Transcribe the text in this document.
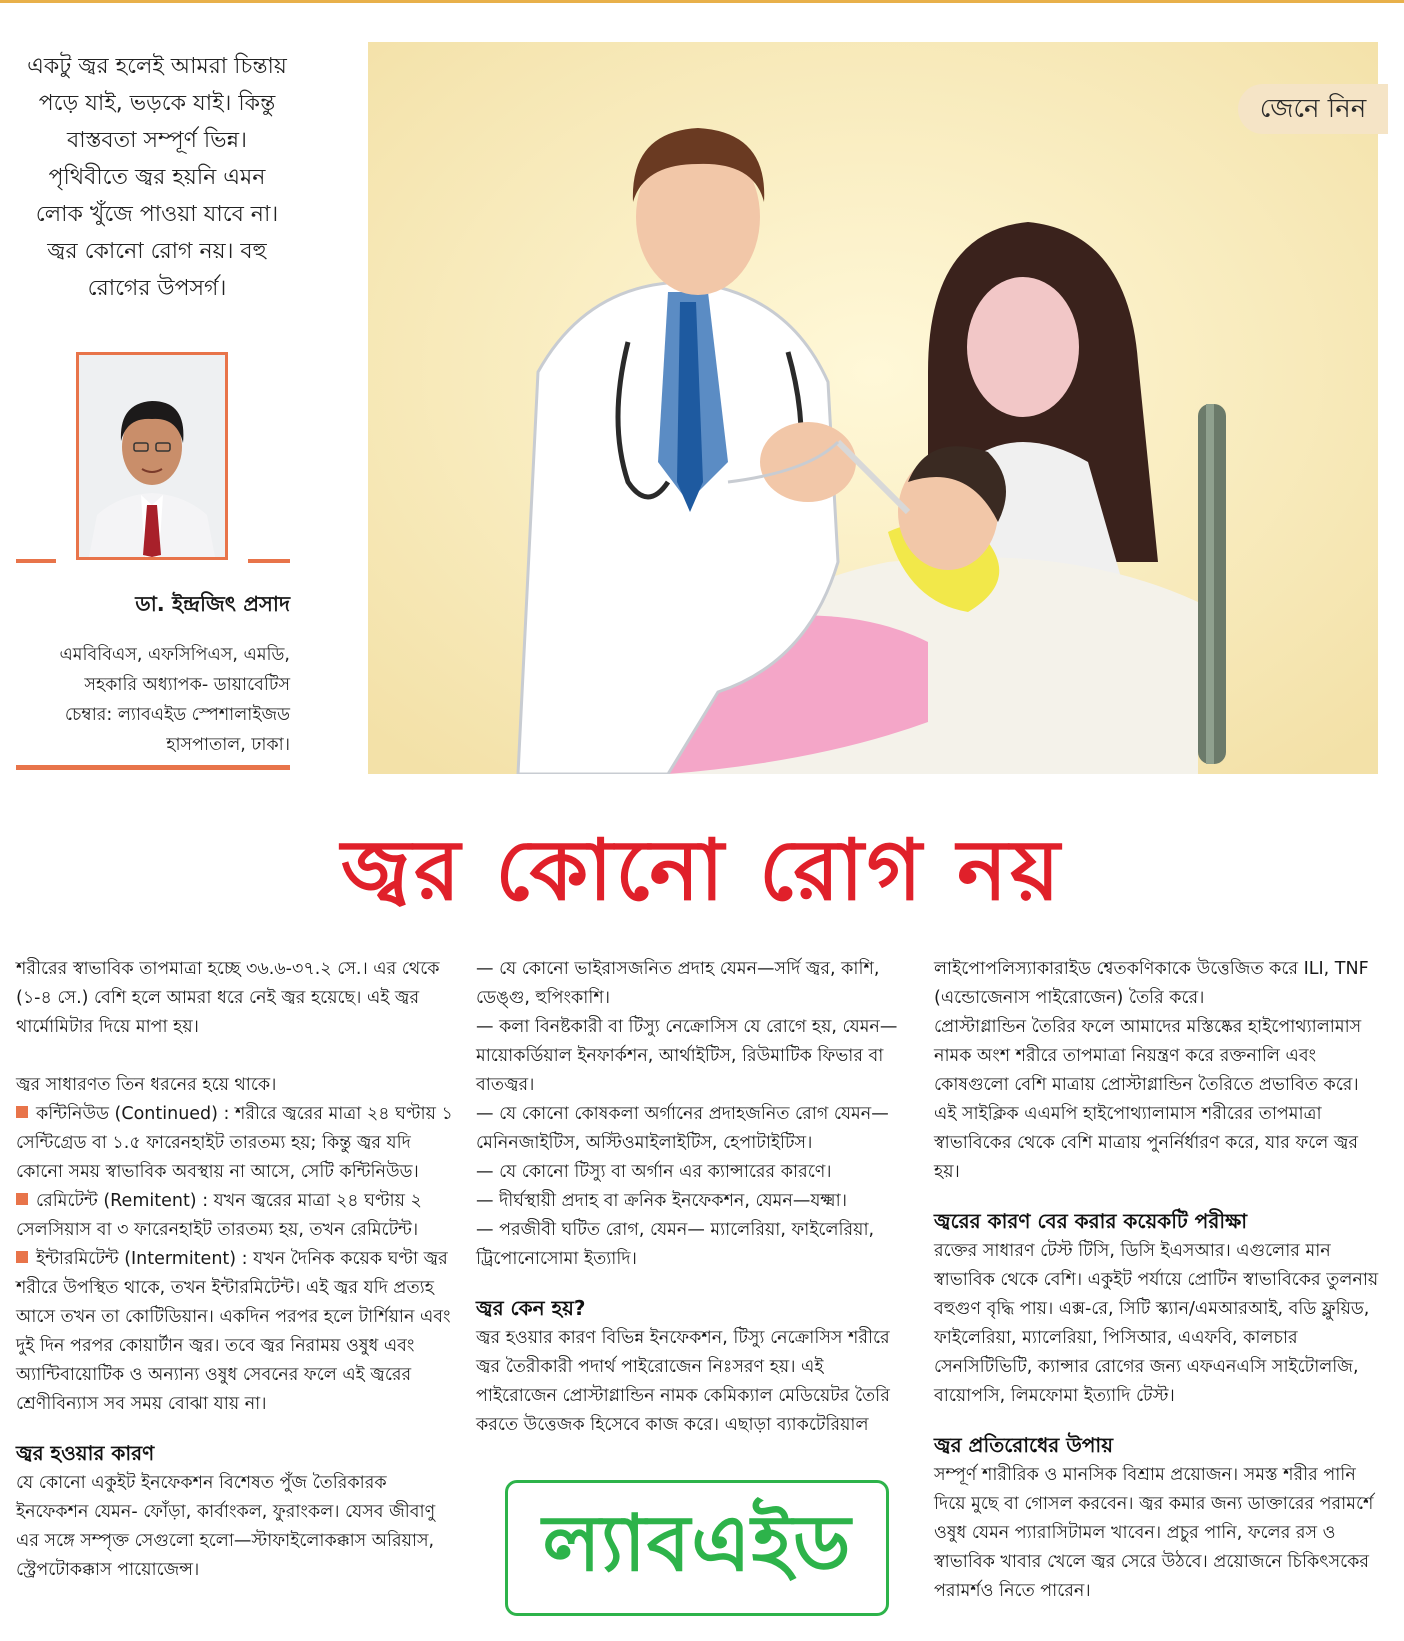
একটু জ্বর হলেই আমরা চিন্তায়
পড়ে যাই, ভড়কে যাই। কিন্তু
বাস্তবতা সম্পূর্ণ ভিন্ন।
পৃথিবীতে জ্বর হয়নি এমন
লোক খুঁজে পাওয়া যাবে না।
জ্বর কোনো রোগ নয়। বহু
রোগের উপসর্গ।
ডা. ইন্দ্রজিৎ প্রসাদ
এমবিবিএস, এফসিপিএস, এমডি,
সহকারি অধ্যাপক- ডায়াবেটিস
চেম্বার: ল্যাবএইড স্পেশালাইজড
হাসপাতাল, ঢাকা।
জেনে নিন
জ্বর কোনো রোগ নয়

শরীরের স্বাভাবিক তাপমাত্রা হচ্ছে ৩৬.৬-৩৭.২ সে.। এর থেকে (১-৪ সে.) বেশি হলে আমরা ধরে নেই জ্বর হয়েছে। এই জ্বর থার্মোমিটার দিয়ে মাপা হয়।

জ্বর সাধারণত তিন ধরনের হয়ে থাকে।

কন্টিনিউড (Continued) : শরীরে জ্বরের মাত্রা ২৪ ঘণ্টায় ১ সেন্টিগ্রেড বা ১.৫ ফারেনহাইট তারতম্য হয়; কিন্তু জ্বর যদি কোনো সময় স্বাভাবিক অবস্থায় না আসে, সেটি কন্টিনিউড।

রেমিটেন্ট (Remitent) : যখন জ্বরের মাত্রা ২৪ ঘণ্টায় ২ সেলসিয়াস বা ৩ ফারেনহাইট তারতম্য হয়, তখন রেমিটেন্ট।

ইন্টারমিটেন্ট (Intermitent) : যখন দৈনিক কয়েক ঘণ্টা জ্বর শরীরে উপস্থিত থাকে, তখন ইন্টারমিটেন্ট। এই জ্বর যদি প্রত্যহ আসে তখন তা কোটিডিয়ান। একদিন পরপর হলে টার্শিয়ান এবং দুই দিন পরপর কোয়ার্টান জ্বর। তবে জ্বর নিরাময় ওষুধ এবং অ্যান্টিবায়োটিক ও অন্যান্য ওষুধ সেবনের ফলে এই জ্বরের শ্রেণীবিন্যাস সব সময় বোঝা যায় না।

জ্বর হওয়ার কারণ

যে কোনো একুইট ইনফেকশন বিশেষত পুঁজ তৈরিকারক ইনফেকশন যেমন- ফোঁড়া, কার্বাংকল, ফুরাংকল। যেসব জীবাণু এর সঙ্গে সম্পৃক্ত সেগুলো হলো—স্টাফাইলোকক্কাস অরিয়াস, স্ট্রেপটোকক্কাস পায়োজেন্স।

— যে কোনো ভাইরাসজনিত প্রদাহ যেমন—সর্দি জ্বর, কাশি, ডেঙ্গু, হুপিংকাশি।

— কলা বিনষ্টকারী বা টিস্যু নেক্রোসিস যে রোগে হয়, যেমন— মায়োকর্ডিয়াল ইনফার্কশন, আর্থাইটিস, রিউমাটিক ফিভার বা বাতজ্বর।

— যে কোনো কোষকলা অর্গানের প্রদাহজনিত রোগ যেমন—মেনিনজাইটিস, অস্টিওমাইলাইটিস, হেপাটাইটিস।

— যে কোনো টিস্যু বা অর্গান এর ক্যান্সারের কারণে।

— দীর্ঘস্থায়ী প্রদাহ বা ক্রনিক ইনফেকশন, যেমন—যক্ষ্মা।

— পরজীবী ঘটিত রোগ, যেমন— ম্যালেরিয়া, ফাইলেরিয়া, ট্রিপোনোসোমা ইত্যাদি।

জ্বর কেন হয়?

জ্বর হওয়ার কারণ বিভিন্ন ইনফেকশন, টিস্যু নেক্রোসিস শরীরে জ্বর তৈরীকারী পদার্থ পাইরোজেন নিঃসরণ হয়। এই পাইরোজেন প্রোস্টাগ্লান্ডিন নামক কেমিক্যাল মেডিয়েটর তৈরি করতে উত্তেজক হিসেবে কাজ করে। এছাড়া ব্যাকটেরিয়াল

ল্যাবএইড

লাইপোপলিস্যাকারাইড শ্বেতকণিকাকে উত্তেজিত করে ILI, TNF (এন্ডোজেনাস পাইরোজেন) তৈরি করে।

প্রোস্টাগ্লান্ডিন তৈরির ফলে আমাদের মস্তিষ্কের হাইপোথ্যালামাস নামক অংশ শরীরে তাপমাত্রা নিয়ন্ত্রণ করে রক্তনালি এবং কোষগুলো বেশি মাত্রায় প্রোস্টাগ্লান্ডিন তৈরিতে প্রভাবিত করে। এই সাইক্লিক এএমপি হাইপোথ্যালামাস শরীরের তাপমাত্রা স্বাভাবিকের থেকে বেশি মাত্রায় পুনর্নির্ধারণ করে, যার ফলে জ্বর হয়।

জ্বরের কারণ বের করার কয়েকটি পরীক্ষা

রক্তের সাধারণ টেস্ট টিসি, ডিসি ইএসআর। এগুলোর মান স্বাভাবিক থেকে বেশি। একুইট পর্যায়ে প্রোটিন স্বাভাবিকের তুলনায় বহুগুণ বৃদ্ধি পায়। এক্স-রে, সিটি স্ক্যান/এমআরআই, বডি ফ্লুয়িড, ফাইলেরিয়া, ম্যালেরিয়া, পিসিআর, এএফবি, কালচার সেনসিটিভিটি, ক্যান্সার রোগের জন্য এফএনএসি সাইটোলজি, বায়োপসি, লিমফোমা ইত্যাদি টেস্ট।

জ্বর প্রতিরোধের উপায়

সম্পূর্ণ শারীরিক ও মানসিক বিশ্রাম প্রয়োজন। সমস্ত শরীর পানি দিয়ে মুছে বা গোসল করবেন। জ্বর কমার জন্য ডাক্তারের পরামর্শে ওষুধ যেমন প্যারাসিটামল খাবেন। প্রচুর পানি, ফলের রস ও স্বাভাবিক খাবার খেলে জ্বর সেরে উঠবে। প্রয়োজনে চিকিৎসকের পরামর্শও নিতে পারেন।
